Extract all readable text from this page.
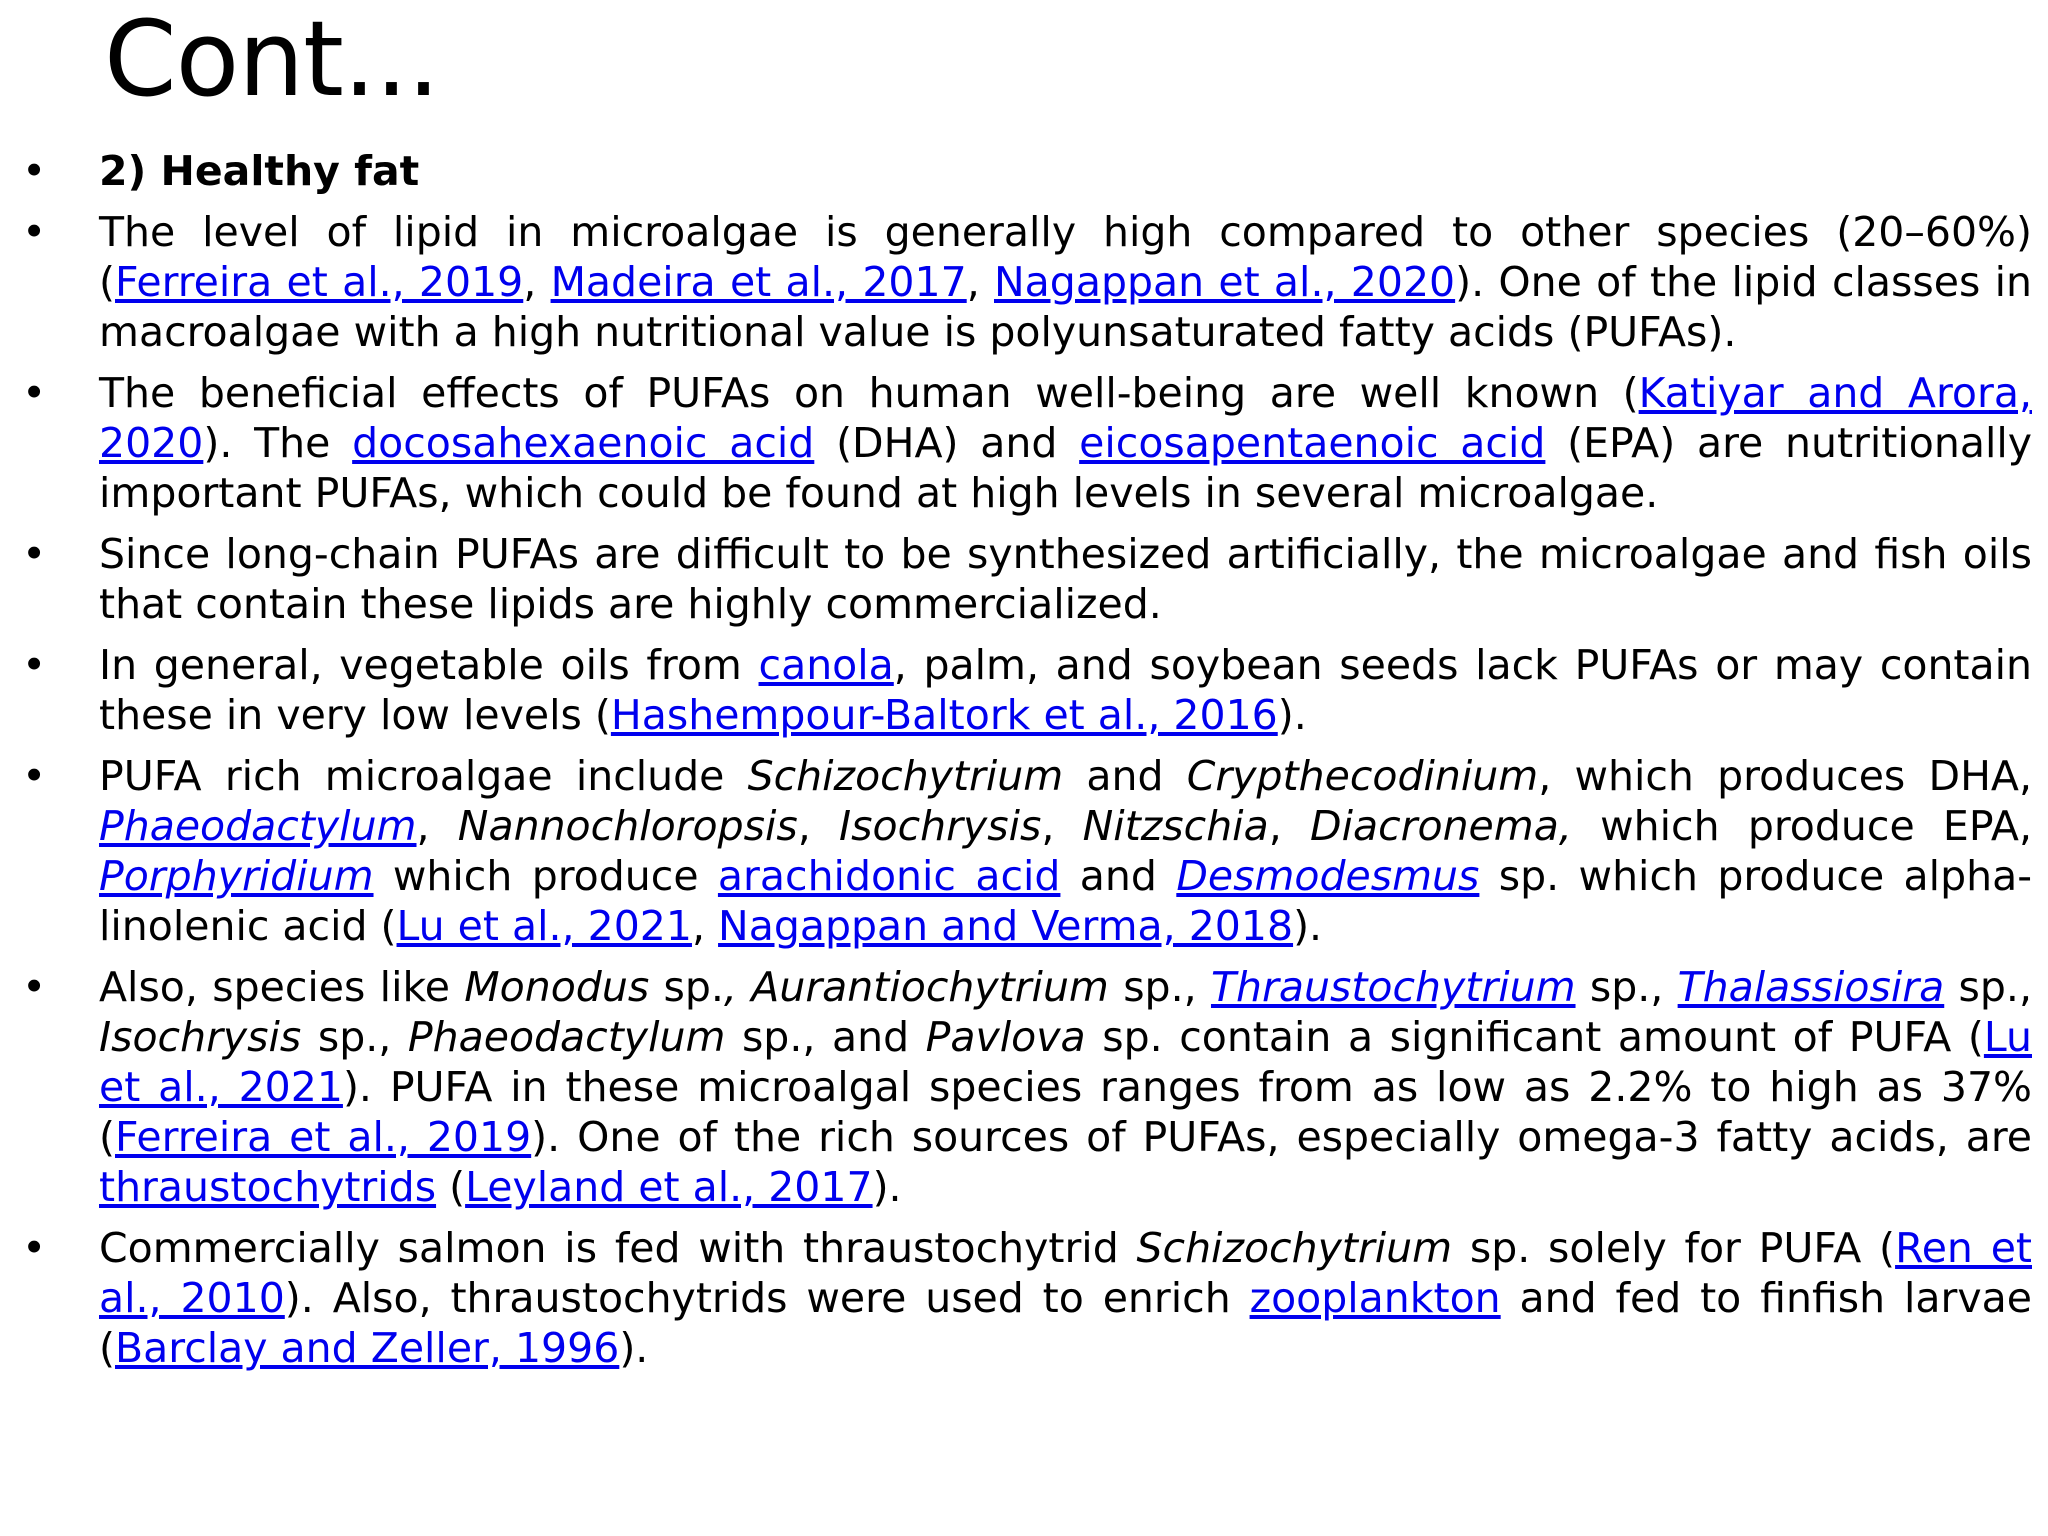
Cont...
• 2) Healthy fat
• The level of lipid in microalgae is generally high compared to other species (20–60%) (Ferreira et al., 2019, Madeira et al., 2017, Nagappan et al., 2020). One of the lipid classes in macroalgae with a high nutritional value is polyunsaturated fatty acids (PUFAs).
• The beneficial effects of PUFAs on human well-being are well known (Katiyar and Arora, 2020). The docosahexaenoic acid (DHA) and eicosapentaenoic acid (EPA) are nutritionally important PUFAs, which could be found at high levels in several microalgae.
• Since long-chain PUFAs are difficult to be synthesized artificially, the microalgae and fish oils that contain these lipids are highly commercialized.
• In general, vegetable oils from canola, palm, and soybean seeds lack PUFAs or may contain these in very low levels (Hashempour-Baltork et al., 2016).
• PUFA rich microalgae include Schizochytrium and Crypthecodinium, which produces DHA, Phaeodactylum, Nannochloropsis, Isochrysis, Nitzschia, Diacronema, which produce EPA, Porphyridium which produce arachidonic acid and Desmodesmus sp. which produce alpha-linolenic acid (Lu et al., 2021, Nagappan and Verma, 2018).
• Also, species like Monodus sp., Aurantiochytrium sp., Thraustochytrium sp., Thalassiosira sp., Isochrysis sp., Phaeodactylum sp., and Pavlova sp. contain a significant amount of PUFA (Lu et al., 2021). PUFA in these microalgal species ranges from as low as 2.2% to high as 37% (Ferreira et al., 2019). One of the rich sources of PUFAs, especially omega-3 fatty acids, are thraustochytrids (Leyland et al., 2017).
• Commercially salmon is fed with thraustochytrid Schizochytrium sp. solely for PUFA (Ren et al., 2010). Also, thraustochytrids were used to enrich zooplankton and fed to finfish larvae (Barclay and Zeller, 1996).
